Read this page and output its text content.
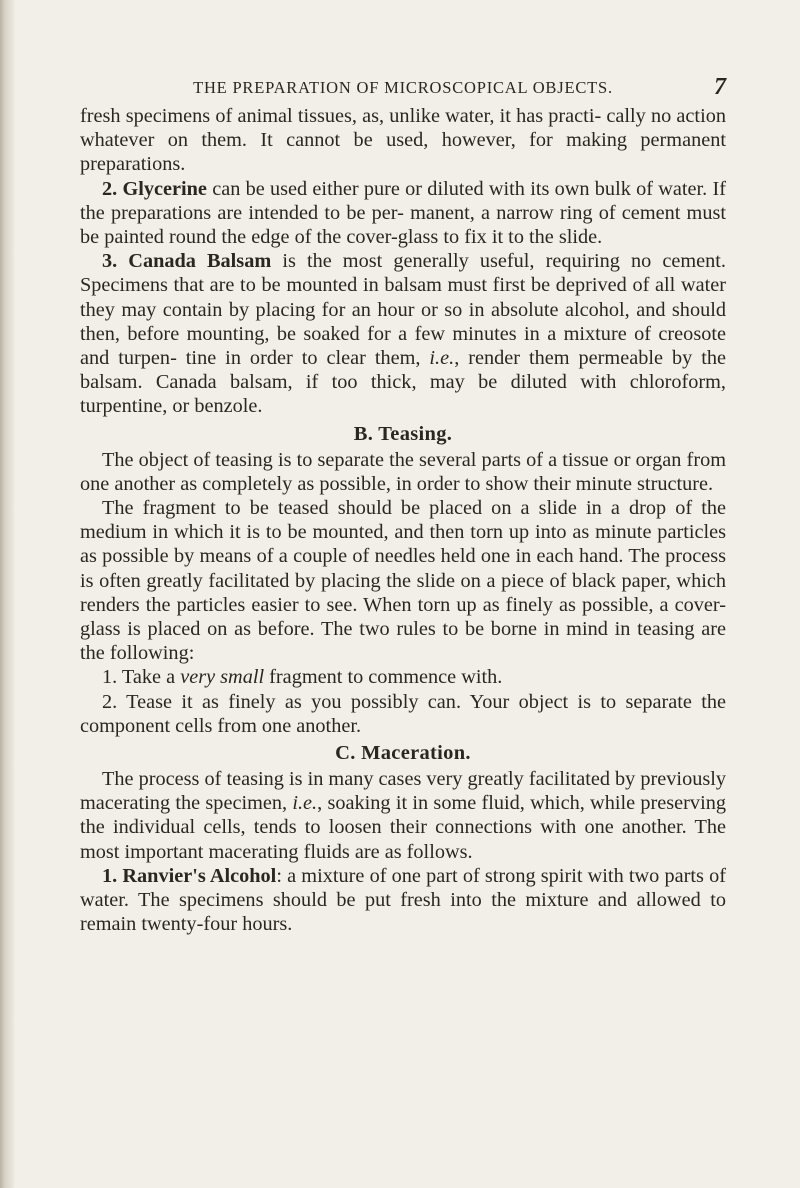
THE PREPARATION OF MICROSCOPICAL OBJECTS.	7

fresh specimens of animal tissues, as, unlike water, it has practi- cally no action whatever on them. It cannot be used, however, for making permanent preparations.

2. Glycerine can be used either pure or diluted with its own bulk of water. If the preparations are intended to be per- manent, a narrow ring of cement must be painted round the edge of the cover-glass to fix it to the slide.

3. Canada Balsam is the most generally useful, requiring no cement. Specimens that are to be mounted in balsam must first be deprived of all water they may contain by placing for an hour or so in absolute alcohol, and should then, before mounting, be soaked for a few minutes in a mixture of creosote and turpen- tine in order to clear them, i.e., render them permeable by the balsam. Canada balsam, if too thick, may be diluted with chloroform, turpentine, or benzole.

B. Teasing.

The object of teasing is to separate the several parts of a tissue or organ from one another as completely as possible, in order to show their minute structure.

The fragment to be teased should be placed on a slide in a drop of the medium in which it is to be mounted, and then torn up into as minute particles as possible by means of a couple of needles held one in each hand. The process is often greatly facilitated by placing the slide on a piece of black paper, which renders the particles easier to see. When torn up as finely as possible, a cover-glass is placed on as before. The two rules to be borne in mind in teasing are the following:

1. Take a very small fragment to commence with.

2. Tease it as finely as you possibly can. Your object is to separate the component cells from one another.

C. Maceration.

The process of teasing is in many cases very greatly facilitated by previously macerating the specimen, i.e., soaking it in some fluid, which, while preserving the individual cells, tends to loosen their connections with one another. The most important macerating fluids are as follows.

1. Ranvier's Alcohol: a mixture of one part of strong spirit with two parts of water. The specimens should be put fresh into the mixture and allowed to remain twenty-four hours.
